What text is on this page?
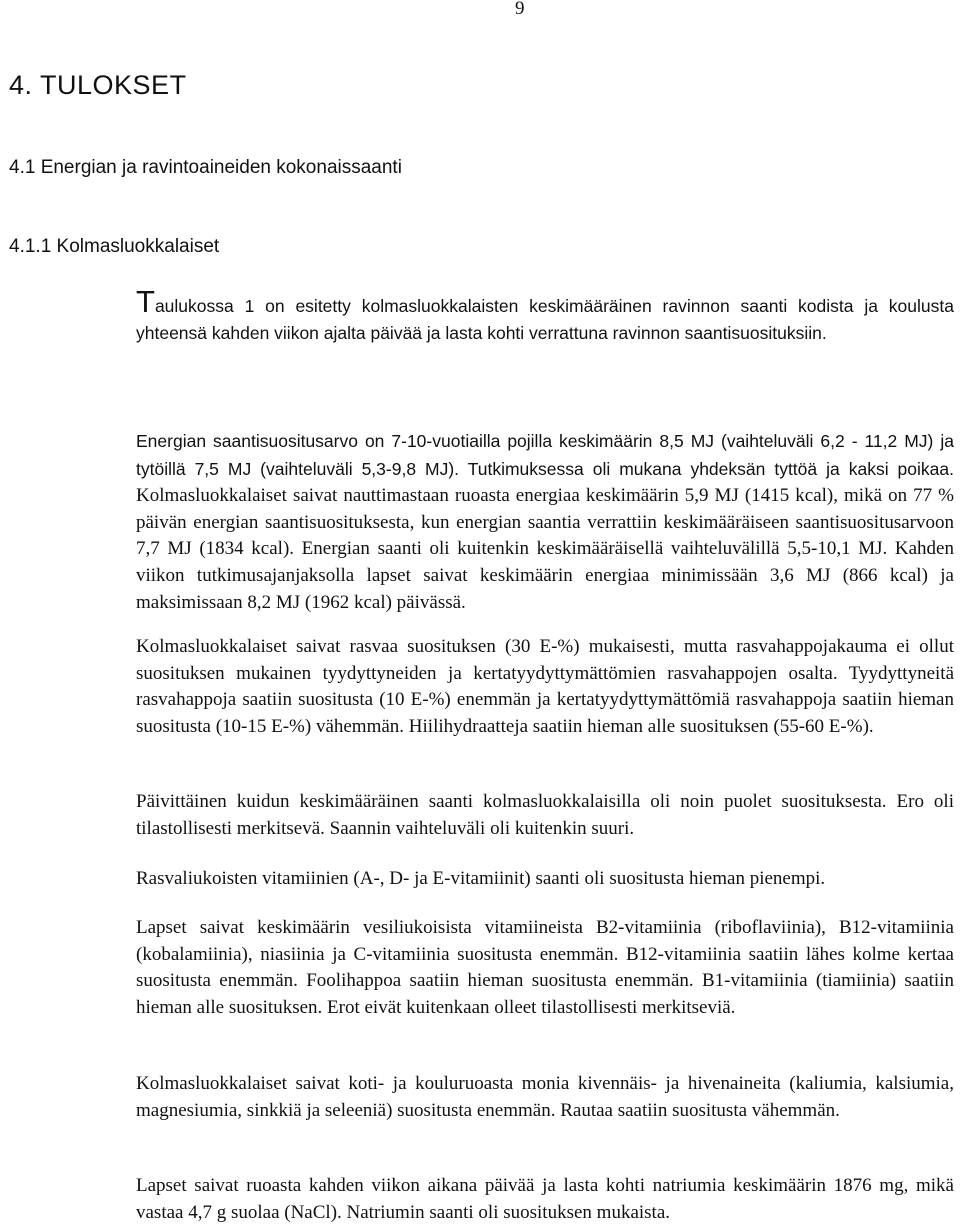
9
4. TULOKSET
4.1 Energian ja ravintoaineiden kokonaissaanti
4.1.1 Kolmasluokkalaiset

Taulukossa 1 on esitetty kolmasluokkalaisten keskimääräinen ravinnon saanti kodista ja koulusta yhteensä kahden viikon ajalta päivää ja lasta kohti verrattuna ravinnon saantisuosituksiin.

Energian saantisuositusarvo on 7-10-vuotiailla pojilla keskimäärin 8,5 MJ (vaihteluväli 6,2 - 11,2 MJ) ja tytöillä 7,5 MJ (vaihteluväli 5,3-9,8 MJ). Tutkimuksessa oli mukana yhdeksän tyttöä ja kaksi poikaa. Kolmasluokkalaiset saivat nauttimastaan ruoasta energiaa keskimäärin 5,9 MJ (1415 kcal), mikä on 77 % päivän energian saantisuosituksesta, kun energian saantia verrattiin keskimääräiseen saantisuositusarvoon 7,7 MJ (1834 kcal). Energian saanti oli kuitenkin keskimääräisellä vaihteluvälillä 5,5-10,1 MJ. Kahden viikon tutkimusajanjaksolla lapset saivat keskimäärin energiaa minimissään 3,6 MJ (866 kcal) ja maksimissaan 8,2 MJ (1962 kcal) päivässä.

Kolmasluokkalaiset saivat rasvaa suosituksen (30 E-%) mukaisesti, mutta rasvahappojakauma ei ollut suosituksen mukainen tyydyttyneiden ja kertatyydyttymättömien rasvahappojen osalta. Tyydyttyneitä rasvahappoja saatiin suositusta (10 E-%) enemmän ja kertatyydyttymättömiä rasvahappoja saatiin hieman suositusta (10-15 E-%) vähemmän. Hiilihydraatteja saatiin hieman alle suosituksen (55-60 E-%).

Päivittäinen kuidun keskimääräinen saanti kolmasluokkalaisilla oli noin puolet suosituksesta. Ero oli tilastollisesti merkitsevä. Saannin vaihteluväli oli kuitenkin suuri.

Rasvaliukoisten vitamiinien (A-, D- ja E-vitamiinit) saanti oli suositusta hieman pienempi.

Lapset saivat keskimäärin vesiliukoisista vitamiineista B2-vitamiinia (riboflaviinia), B12-vitamiinia (kobalamiinia), niasiinia ja C-vitamiinia suositusta enemmän. B12-vitamiinia saatiin lähes kolme kertaa suositusta enemmän. Foolihappoa saatiin hieman suositusta enemmän. B1-vitamiinia (tiamiinia) saatiin hieman alle suosituksen. Erot eivät kuitenkaan olleet tilastollisesti merkitseviä.

Kolmasluokkalaiset saivat koti- ja kouluruoasta monia kivennäis- ja hivenaineita (kaliumia, kalsiumia, magnesiumia, sinkkiä ja seleeniä) suositusta enemmän. Rautaa saatiin suositusta vähemmän.

Lapset saivat ruoasta kahden viikon aikana päivää ja lasta kohti natriumia keskimäärin 1876 mg, mikä vastaa 4,7 g suolaa (NaCl). Natriumin saanti oli suosituksen mukaista.
